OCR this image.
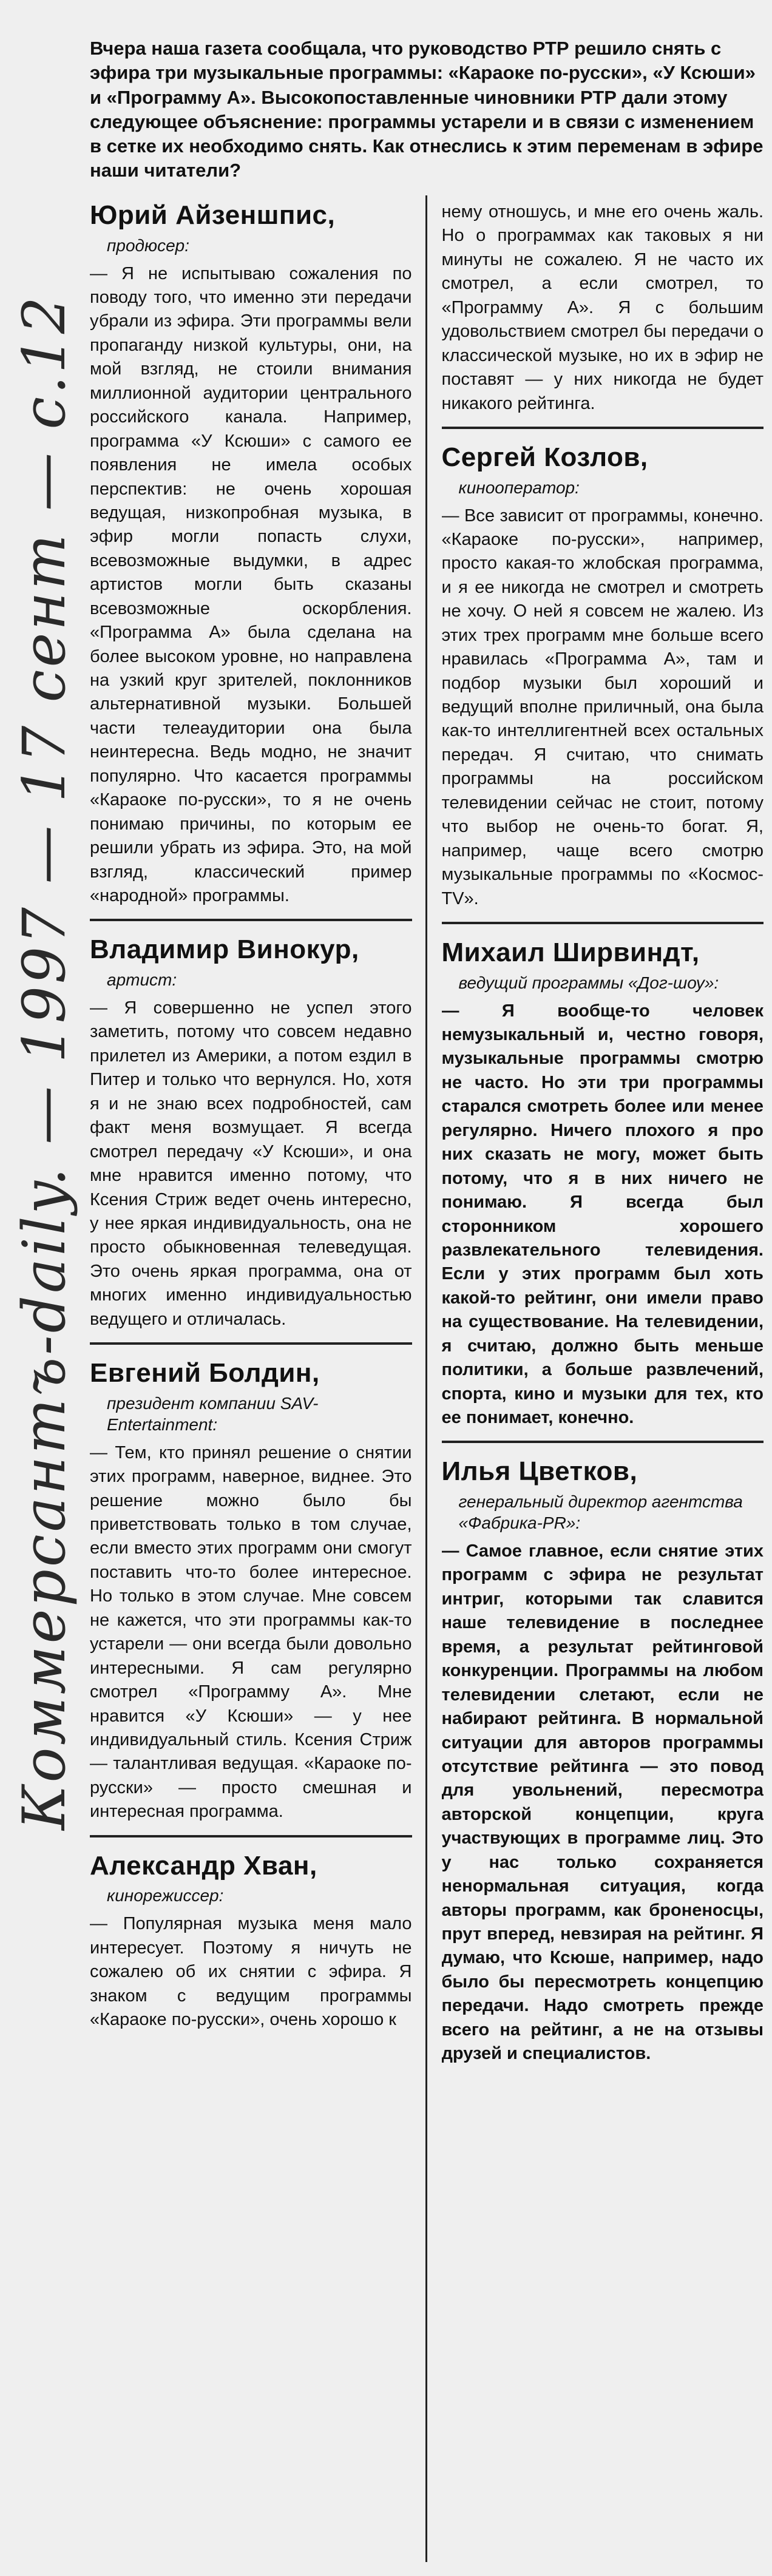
Коммерсантъ-daily. — 1997 — 17 сент — с.12

Вчера наша газета сообщала, что руководство РТР решило снять с эфира три музыкальные программы: «Караоке по-русски», «У Ксюши» и «Программу А». Высокопоставленные чиновники РТР дали этому следующее объяснение: программы устарели и в связи с изменением в сетке их необходимо снять. Как отнеслись к этим переменам в эфире наши читатели?

Юрий Айзеншпис,
продюсер:

— Я не испытываю сожаления по поводу того, что именно эти передачи убрали из эфира. Эти программы вели пропаганду низкой культуры, они, на мой взгляд, не стоили внимания миллионной аудитории центрального российского канала. Например, программа «У Ксюши» с самого ее появления не имела особых перспектив: не очень хорошая ведущая, низкопробная музыка, в эфир могли попасть слухи, всевозможные выдумки, в адрес артистов могли быть сказаны всевозможные оскорбления. «Программа А» была сделана на более высоком уровне, но направлена на узкий круг зрителей, поклонников альтернативной музыки. Большей части телеаудитории она была неинтересна. Ведь модно, не значит популярно. Что касается программы «Караоке по-русски», то я не очень понимаю причины, по которым ее решили убрать из эфира. Это, на мой взгляд, классический пример «народной» программы.

Владимир Винокур,
артист:

— Я совершенно не успел этого заметить, потому что совсем недавно прилетел из Америки, а потом ездил в Питер и только что вернулся. Но, хотя я и не знаю всех подробностей, сам факт меня возмущает. Я всегда смотрел передачу «У Ксюши», и она мне нравится именно потому, что Ксения Стриж ведет очень интересно, у нее яркая индивидуальность, она не просто обыкновенная телеведущая. Это очень яркая программа, она от многих именно индивидуальностью ведущего и отличалась.

Евгений Болдин,
президент компании SAV-Entertainment:

— Тем, кто принял решение о снятии этих программ, наверное, виднее. Это решение можно было бы приветствовать только в том случае, если вместо этих программ они смогут поставить что-то более интересное. Но только в этом случае. Мне совсем не кажется, что эти программы как-то устарели — они всегда были довольно интересными. Я сам регулярно смотрел «Программу А». Мне нравится «У Ксюши» — у нее индивидуальный стиль. Ксения Стриж — талантливая ведущая. «Караоке по-русски» — просто смешная и интересная программа.

Александр Хван,
кинорежиссер:

— Популярная музыка меня мало интересует. Поэтому я ничуть не сожалею об их снятии с эфира. Я знаком с ведущим программы «Караоке по-русски», очень хорошо к

нему отношусь, и мне его очень жаль. Но о программах как таковых я ни минуты не сожалею. Я не часто их смотрел, а если смотрел, то «Программу А». Я с большим удовольствием смотрел бы передачи о классической музыке, но их в эфир не поставят — у них никогда не будет никакого рейтинга.

Сергей Козлов,
кинооператор:

— Все зависит от программы, конечно. «Караоке по-русски», например, просто какая-то жлобская программа, и я ее никогда не смотрел и смотреть не хочу. О ней я совсем не жалею. Из этих трех программ мне больше всего нравилась «Программа А», там и подбор музыки был хороший и ведущий вполне приличный, она была как-то интеллигентней всех остальных передач. Я считаю, что снимать программы на российском телевидении сейчас не стоит, потому что выбор не очень-то богат. Я, например, чаще всего смотрю музыкальные программы по «Космос-TV».

Михаил Ширвиндт,
ведущий программы «Дог-шоу»:

— Я вообще-то человек немузыкальный и, честно говоря, музыкальные программы смотрю не часто. Но эти три программы старался смотреть более или менее регулярно. Ничего плохого я про них сказать не могу, может быть потому, что я в них ничего не понимаю. Я всегда был сторонником хорошего развлекательного телевидения. Если у этих программ был хоть какой-то рейтинг, они имели право на существование. На телевидении, я считаю, должно быть меньше политики, а больше развлечений, спорта, кино и музыки для тех, кто ее понимает, конечно.

Илья Цветков,
генеральный директор агентства «Фабрика-PR»:

— Самое главное, если снятие этих программ с эфира не результат интриг, которыми так славится наше телевидение в последнее время, а результат рейтинговой конкуренции. Программы на любом телевидении слетают, если не набирают рейтинга. В нормальной ситуации для авторов программы отсутствие рейтинга — это повод для увольнений, пересмотра авторской концепции, круга участвующих в программе лиц. Это у нас только сохраняется ненормальная ситуация, когда авторы программ, как броненосцы, прут вперед, невзирая на рейтинг. Я думаю, что Ксюше, например, надо было бы пересмотреть концепцию передачи. Надо смотреть прежде всего на рейтинг, а не на отзывы друзей и специалистов.
